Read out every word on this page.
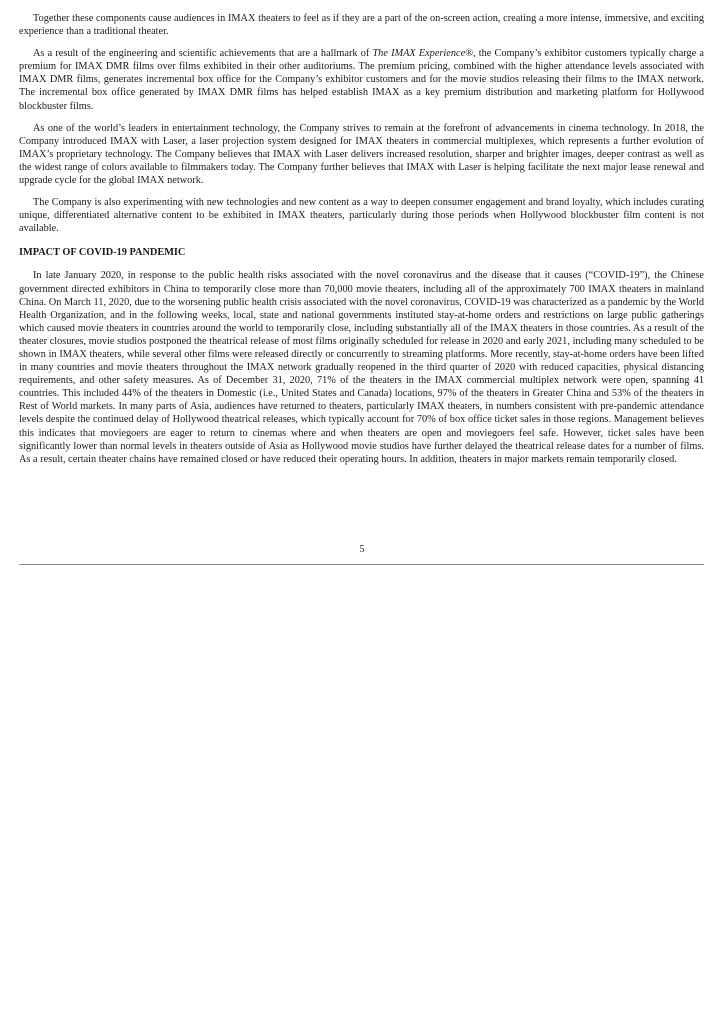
Together these components cause audiences in IMAX theaters to feel as if they are a part of the on-screen action, creating a more intense, immersive, and exciting experience than a traditional theater.

As a result of the engineering and scientific achievements that are a hallmark of The IMAX Experience®, the Company’s exhibitor customers typically charge a premium for IMAX DMR films over films exhibited in their other auditoriums. The premium pricing, combined with the higher attendance levels associated with IMAX DMR films, generates incremental box office for the Company’s exhibitor customers and for the movie studios releasing their films to the IMAX network. The incremental box office generated by IMAX DMR films has helped establish IMAX as a key premium distribution and marketing platform for Hollywood blockbuster films.

As one of the world’s leaders in entertainment technology, the Company strives to remain at the forefront of advancements in cinema technology. In 2018, the Company introduced IMAX with Laser, a laser projection system designed for IMAX theaters in commercial multiplexes, which represents a further evolution of IMAX’s proprietary technology. The Company believes that IMAX with Laser delivers increased resolution, sharper and brighter images, deeper contrast as well as the widest range of colors available to filmmakers today. The Company further believes that IMAX with Laser is helping facilitate the next major lease renewal and upgrade cycle for the global IMAX network.

The Company is also experimenting with new technologies and new content as a way to deepen consumer engagement and brand loyalty, which includes curating unique, differentiated alternative content to be exhibited in IMAX theaters, particularly during those periods when Hollywood blockbuster film content is not available.

IMPACT OF COVID-19 PANDEMIC

In late January 2020, in response to the public health risks associated with the novel coronavirus and the disease that it causes (“COVID-19”), the Chinese government directed exhibitors in China to temporarily close more than 70,000 movie theaters, including all of the approximately 700 IMAX theaters in mainland China. On March 11, 2020, due to the worsening public health crisis associated with the novel coronavirus, COVID-19 was characterized as a pandemic by the World Health Organization, and in the following weeks, local, state and national governments instituted stay-at-home orders and restrictions on large public gatherings which caused movie theaters in countries around the world to temporarily close, including substantially all of the IMAX theaters in those countries. As a result of the theater closures, movie studios postponed the theatrical release of most films originally scheduled for release in 2020 and early 2021, including many scheduled to be shown in IMAX theaters, while several other films were released directly or concurrently to streaming platforms. More recently, stay-at-home orders have been lifted in many countries and movie theaters throughout the IMAX network gradually reopened in the third quarter of 2020 with reduced capacities, physical distancing requirements, and other safety measures. As of December 31, 2020, 71% of the theaters in the IMAX commercial multiplex network were open, spanning 41 countries. This included 44% of the theaters in Domestic (i.e., United States and Canada) locations, 97% of the theaters in Greater China and 53% of the theaters in Rest of World markets. In many parts of Asia, audiences have returned to theaters, particularly IMAX theaters, in numbers consistent with pre-pandemic attendance levels despite the continued delay of Hollywood theatrical releases, which typically account for 70% of box office ticket sales in those regions. Management believes this indicates that moviegoers are eager to return to cinemas where and when theaters are open and moviegoers feel safe. However, ticket sales have been significantly lower than normal levels in theaters outside of Asia as Hollywood movie studios have further delayed the theatrical release dates for a number of films. As a result, certain theater chains have remained closed or have reduced their operating hours. In addition, theaters in major markets remain temporarily closed.

5
